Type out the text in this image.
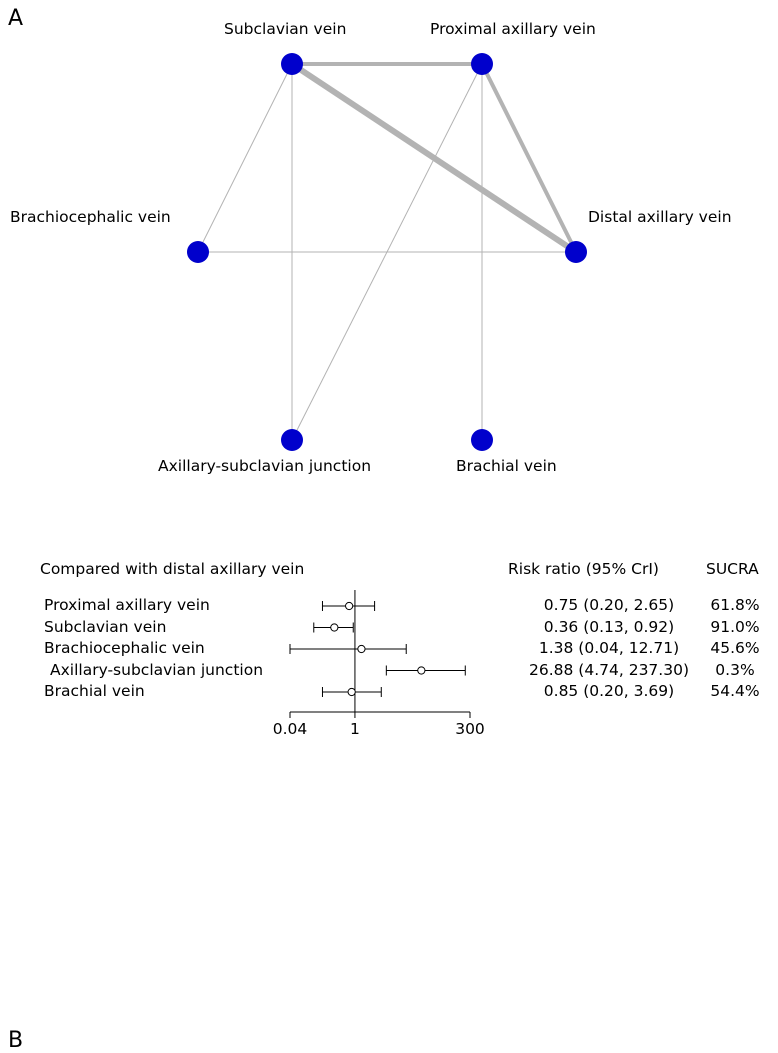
A	Subclavian vein	Proximal axillary vein
Brachiocephalic vein	Distal axillary vein
Axillary-subclavian junction	Brachial vein
B
Compared with distal axillary vein	Risk ratio (95% CrI)	SUCRA
Proximal axillary vein	0.75 (0.20, 2.65)	61.8%
Subclavian vein	0.36 (0.13, 0.92)	91.0%
Brachiocephalic vein	1.38 (0.04, 12.71)	45.6%
Axillary-subclavian junction	26.88 (4.74, 237.30)	0.3%
Brachial vein	0.85 (0.20, 3.69)	54.4%
0.04	1	300
